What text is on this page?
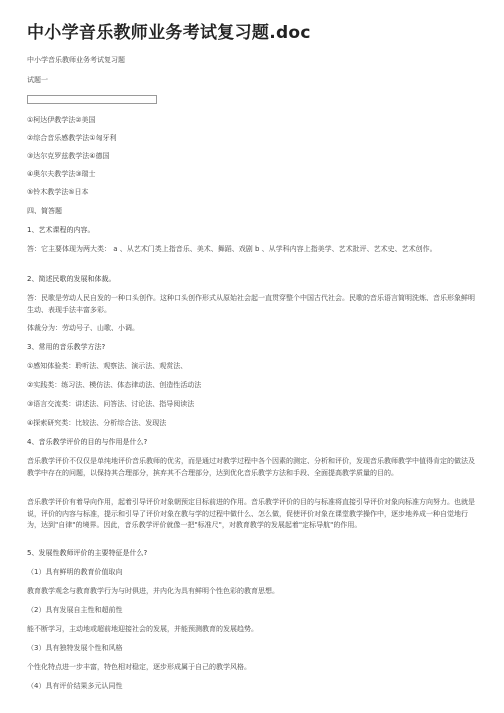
中小学音乐教师业务考试复习题.doc
中小学音乐教师业务考试复习题
试题一
①柯达伊教学法②美国
②综合音乐感教学法①匈牙利
③达尔克罗兹教学法④德国
④奥尔夫教学法③瑞士
⑤铃木教学法⑤日本
四、简答题
1、艺术课程的内容。
答：它主要体现为两大类： a 、从艺术门类上指音乐、美术、舞蹈、戏剧 b 、从学科内容上指美学、艺术批评、艺术史、艺术创作。
2、简述民歌的发展和体裁。
答：民歌是劳动人民自发的一种口头创作。这种口头创作形式从原始社会起一直贯穿整个中国古代社会。民歌的音乐语言简明洗炼、音乐形象鲜明生动、表现手法丰富多彩。
体裁分为：劳动号子、山歌、小调。
3、常用的音乐教学方法?
①感知体验类：聆听法、观察法、演示法、观赏法、
②实践类：练习法、模仿法、体态律动法、创造性活动法
③语言交流类：讲述法、问答法、讨论法、指导阅读法
④探索研究类：比较法、分析综合法、发现法
4、音乐教学评价的目的与作用是什么?
音乐教学评价不仅仅是单纯地评价音乐教师的优劣，而是通过对教学过程中各个因素的测定、分析和评价，发现音乐教师教学中值得肯定的做法及教学中存在的问题，以保持其合理部分，摈弃其不合理部分，达到优化音乐教学方法和手段、全面提高教学质量的目的。
音乐教学评价有着导向作用，起着引导评价对象朝预定目标前进的作用。音乐教学评价的目的与标准将直接引导评价对象向标准方向努力。也就是说，评价的内容与标准，提示和引导了评价对象在教与学的过程中做什么、怎么做，促使评价对象在课堂教学操作中，逐步地养成一种自觉地行为，达到"自律"的境界。因此，音乐教学评价就像一把"标准尺"，对教育教学的发展起着"定标导航"的作用。
5、发展性教师评价的主要特征是什么?
（1）具有鲜明的教育价值取向
教育教学观念与教育教学行为与时俱进，并内化为具有鲜明个性色彩的教育思想。
（2）具有发展自主性和超前性
能不断学习，主动地或超前地迎接社会的发展，并能预测教育的发展趋势。
（3）具有独特发展个性和风格
个性化特点进一步丰富，特色相对稳定，逐步形成属于自己的教学风格。
（4）具有评价结果多元认同性
